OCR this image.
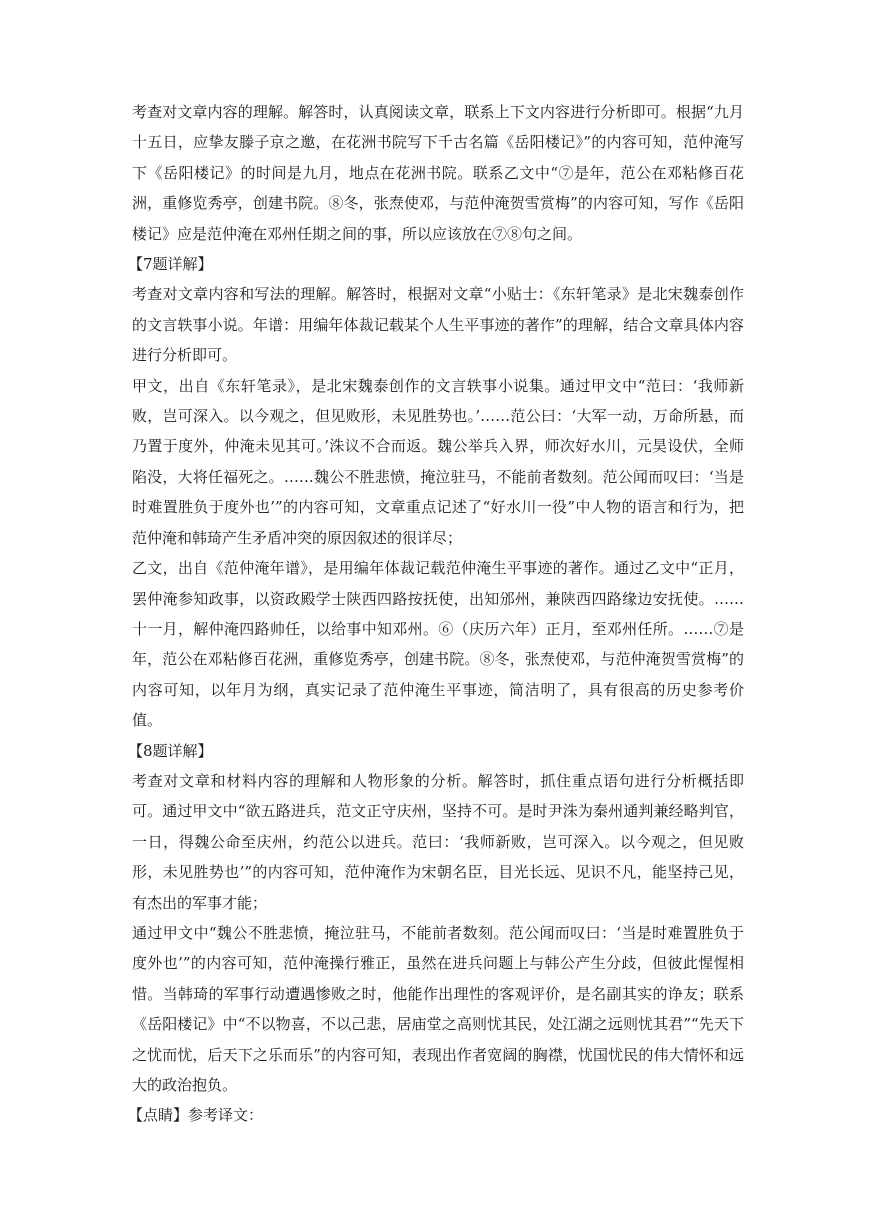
考查对文章内容的理解。解答时，认真阅读文章，联系上下文内容进行分析即可。根据“九月十五日，应挚友滕子京之邀，在花洲书院写下千古名篇《岳阳楼记》”的内容可知，范仲淹写下《岳阳楼记》的时间是九月，地点在花洲书院。联系乙文中“⑦是年，范公在邓粘修百花洲，重修览秀亭，创建书院。⑧冬，张焘使邓，与范仲淹贺雪赏梅”的内容可知，写作《岳阳楼记》应是范仲淹在邓州任期之间的事，所以应该放在⑦⑧句之间。

【7题详解】

考查对文章内容和写法的理解。解答时，根据对文章“小贴士：《东轩笔录》是北宋魏泰创作的文言轶事小说。年谱：用编年体裁记载某个人生平事迹的著作”的理解，结合文章具体内容进行分析即可。

甲文，出自《东轩笔录》，是北宋魏泰创作的文言轶事小说集。通过甲文中“范曰：‘我师新败，岂可深入。以今观之，但见败形，未见胜势也。’……范公曰：‘大军一动，万命所悬，而乃置于度外，仲淹未见其可。’洙议不合而返。魏公举兵入界，师次好水川，元昊设伏，全师陷没，大将任福死之。……魏公不胜悲愤，掩泣驻马，不能前者数刻。范公闻而叹曰：‘当是时难置胜负于度外也’”的内容可知，文章重点记述了“好水川一役”中人物的语言和行为，把范仲淹和韩琦产生矛盾冲突的原因叙述的很详尽；

乙文，出自《范仲淹年谱》，是用编年体裁记载范仲淹生平事迹的著作。通过乙文中“正月，罢仲淹参知政事，以资政殿学士陕西四路按抚使，出知邠州，兼陕西四路缘边安抚使。……十一月，解仲淹四路帅任，以给事中知邓州。⑥（庆历六年）正月，至邓州任所。……⑦是年，范公在邓粘修百花洲，重修览秀亭，创建书院。⑧冬，张焘使邓，与范仲淹贺雪赏梅”的内容可知，以年月为纲，真实记录了范仲淹生平事迹，简洁明了，具有很高的历史参考价值。

【8题详解】

考查对文章和材料内容的理解和人物形象的分析。解答时，抓住重点语句进行分析概括即可。通过甲文中“欲五路进兵，范文正守庆州，坚持不可。是时尹洙为秦州通判兼经略判官，一日，得魏公命至庆州，约范公以进兵。范曰：‘我师新败，岂可深入。以今观之，但见败形，未见胜势也’”的内容可知，范仲淹作为宋朝名臣，目光长远、见识不凡，能坚持己见，有杰出的军事才能；

通过甲文中“魏公不胜悲愤，掩泣驻马，不能前者数刻。范公闻而叹曰：‘当是时难置胜负于度外也’”的内容可知，范仲淹操行雅正，虽然在进兵问题上与韩公产生分歧，但彼此惺惺相惜。当韩琦的军事行动遭遇惨败之时，他能作出理性的客观评价，是名副其实的诤友；联系《岳阳楼记》中“不以物喜，不以己悲，居庙堂之高则忧其民，处江湖之远则忧其君”“先天下之忧而忧，后天下之乐而乐”的内容可知，表现出作者宽阔的胸襟，忧国忧民的伟大情怀和远大的政治抱负。

【点睛】参考译文：
